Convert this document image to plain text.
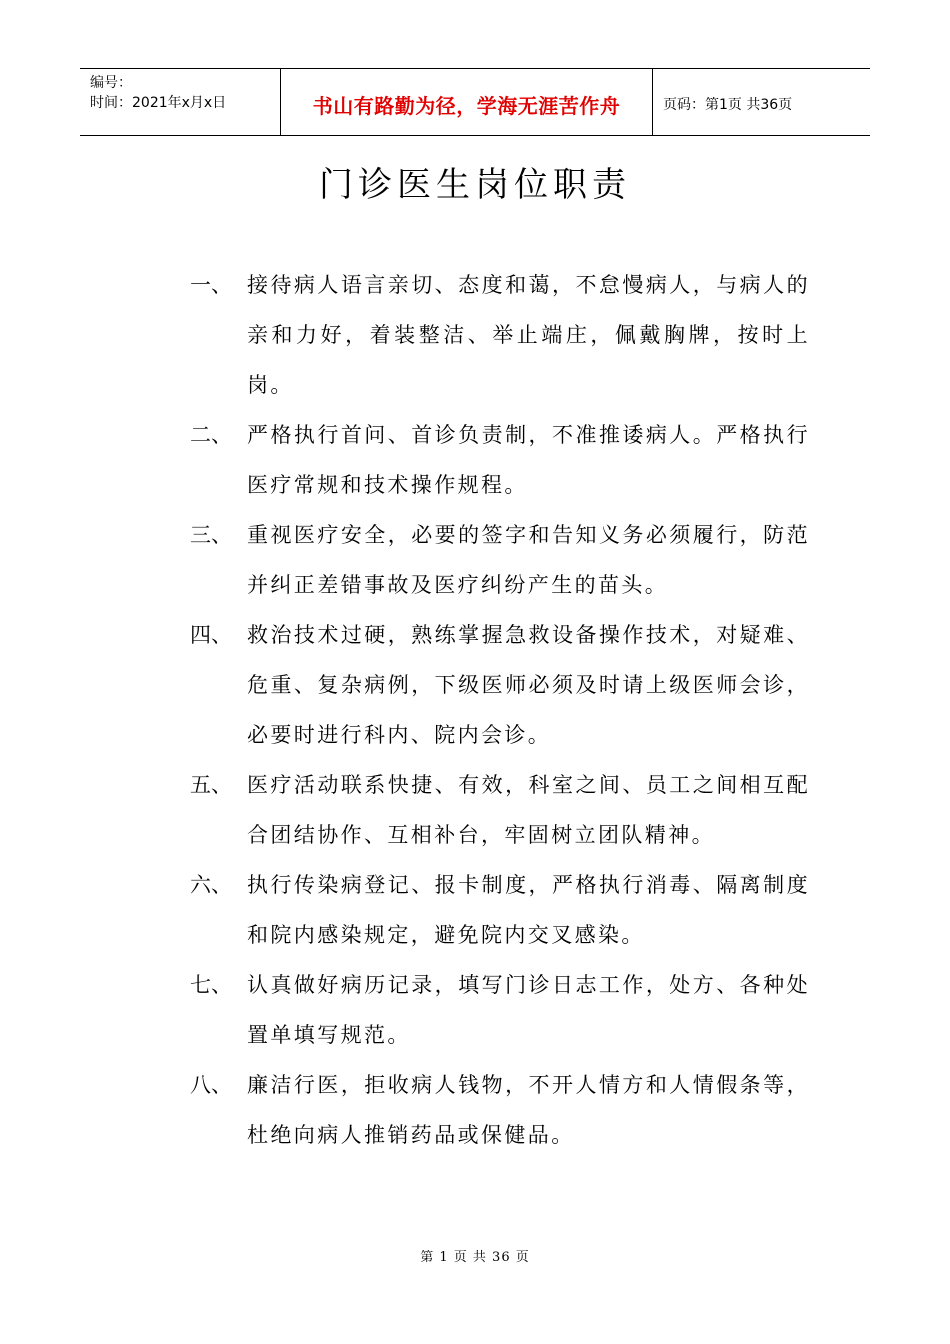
编号：
时间：2021年x月x日	书山有路勤为径，学海无涯苦作舟	页码：第1页 共36页
门诊医生岗位职责
一、 接待病人语言亲切、态度和蔼，不怠慢病人，与病人的亲和力好，着装整洁、举止端庄，佩戴胸牌，按时上岗。
二、 严格执行首问、首诊负责制，不准推诿病人。严格执行医疗常规和技术操作规程。
三、 重视医疗安全，必要的签字和告知义务必须履行，防范并纠正差错事故及医疗纠纷产生的苗头。
四、 救治技术过硬，熟练掌握急救设备操作技术，对疑难、危重、复杂病例，下级医师必须及时请上级医师会诊，必要时进行科内、院内会诊。
五、 医疗活动联系快捷、有效，科室之间、员工之间相互配合团结协作、互相补台，牢固树立团队精神。
六、 执行传染病登记、报卡制度，严格执行消毒、隔离制度和院内感染规定，避免院内交叉感染。
七、 认真做好病历记录，填写门诊日志工作，处方、各种处置单填写规范。
八、 廉洁行医，拒收病人钱物，不开人情方和人情假条等，杜绝向病人推销药品或保健品。
第 1 页 共 36 页
